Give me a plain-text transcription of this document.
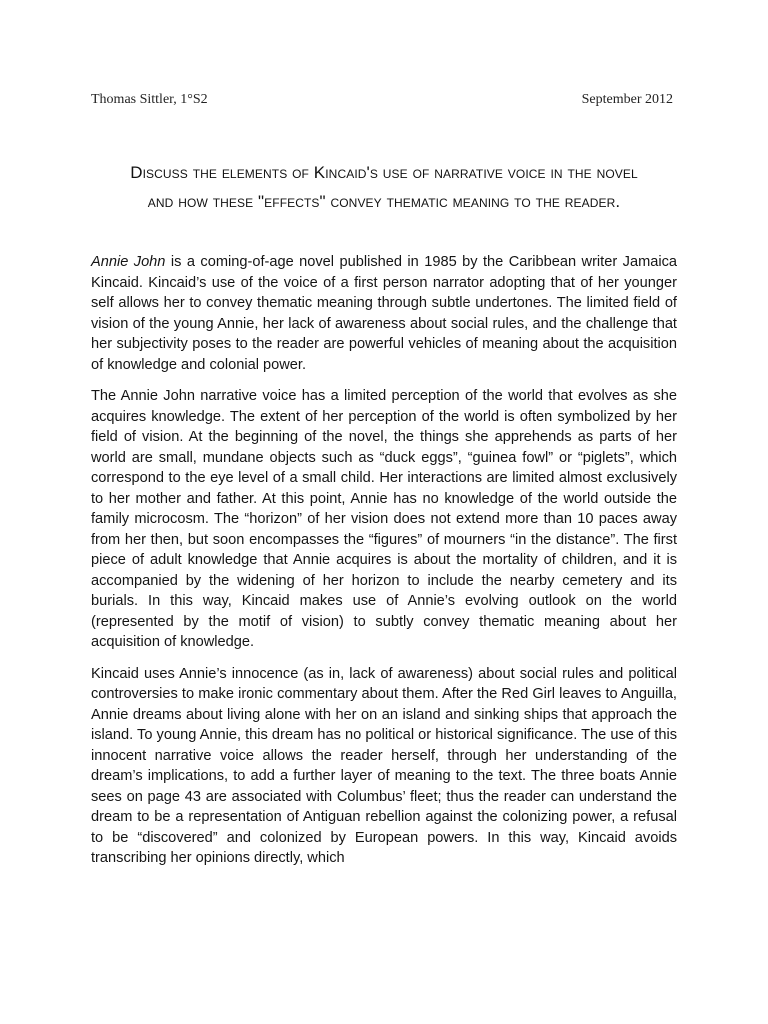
Thomas Sittler, 1°S2	September 2012
Discuss the elements of Kincaid's use of narrative voice in the novel
and how these "effects" convey thematic meaning to the reader.

Annie John is a coming-of-age novel published in 1985 by the Caribbean writer Jamaica Kincaid. Kincaid’s use of the voice of a first person narrator adopting that of her younger self allows her to convey thematic meaning through subtle undertones. The limited field of vision of the young Annie, her lack of awareness about social rules, and the challenge that her subjectivity poses to the reader are powerful vehicles of meaning about the acquisition of knowledge and colonial power.

The Annie John narrative voice has a limited perception of the world that evolves as she acquires knowledge. The extent of her perception of the world is often symbolized by her field of vision. At the beginning of the novel, the things she apprehends as parts of her world are small, mundane objects such as “duck eggs”, “guinea fowl” or “piglets”, which correspond to the eye level of a small child. Her interactions are limited almost exclusively to her mother and father. At this point, Annie has no knowledge of the world outside the family microcosm. The “horizon” of her vision does not extend more than 10 paces away from her then, but soon encompasses the “figures” of mourners “in the distance”. The first piece of adult knowledge that Annie acquires is about the mortality of children, and it is accompanied by the widening of her horizon to include the nearby cemetery and its burials. In this way, Kincaid makes use of Annie’s evolving outlook on the world (represented by the motif of vision) to subtly convey thematic meaning about her acquisition of knowledge.

Kincaid uses Annie’s innocence (as in, lack of awareness) about social rules and political controversies to make ironic commentary about them. After the Red Girl leaves to Anguilla, Annie dreams about living alone with her on an island and sinking ships that approach the island. To young Annie, this dream has no political or historical significance. The use of this innocent narrative voice allows the reader herself, through her understanding of the dream’s implications, to add a further layer of meaning to the text. The three boats Annie sees on page 43 are associated with Columbus’ fleet; thus the reader can understand the dream to be a representation of Antiguan rebellion against the colonizing power, a refusal to be “discovered” and colonized by European powers. In this way, Kincaid avoids transcribing her opinions directly, which
